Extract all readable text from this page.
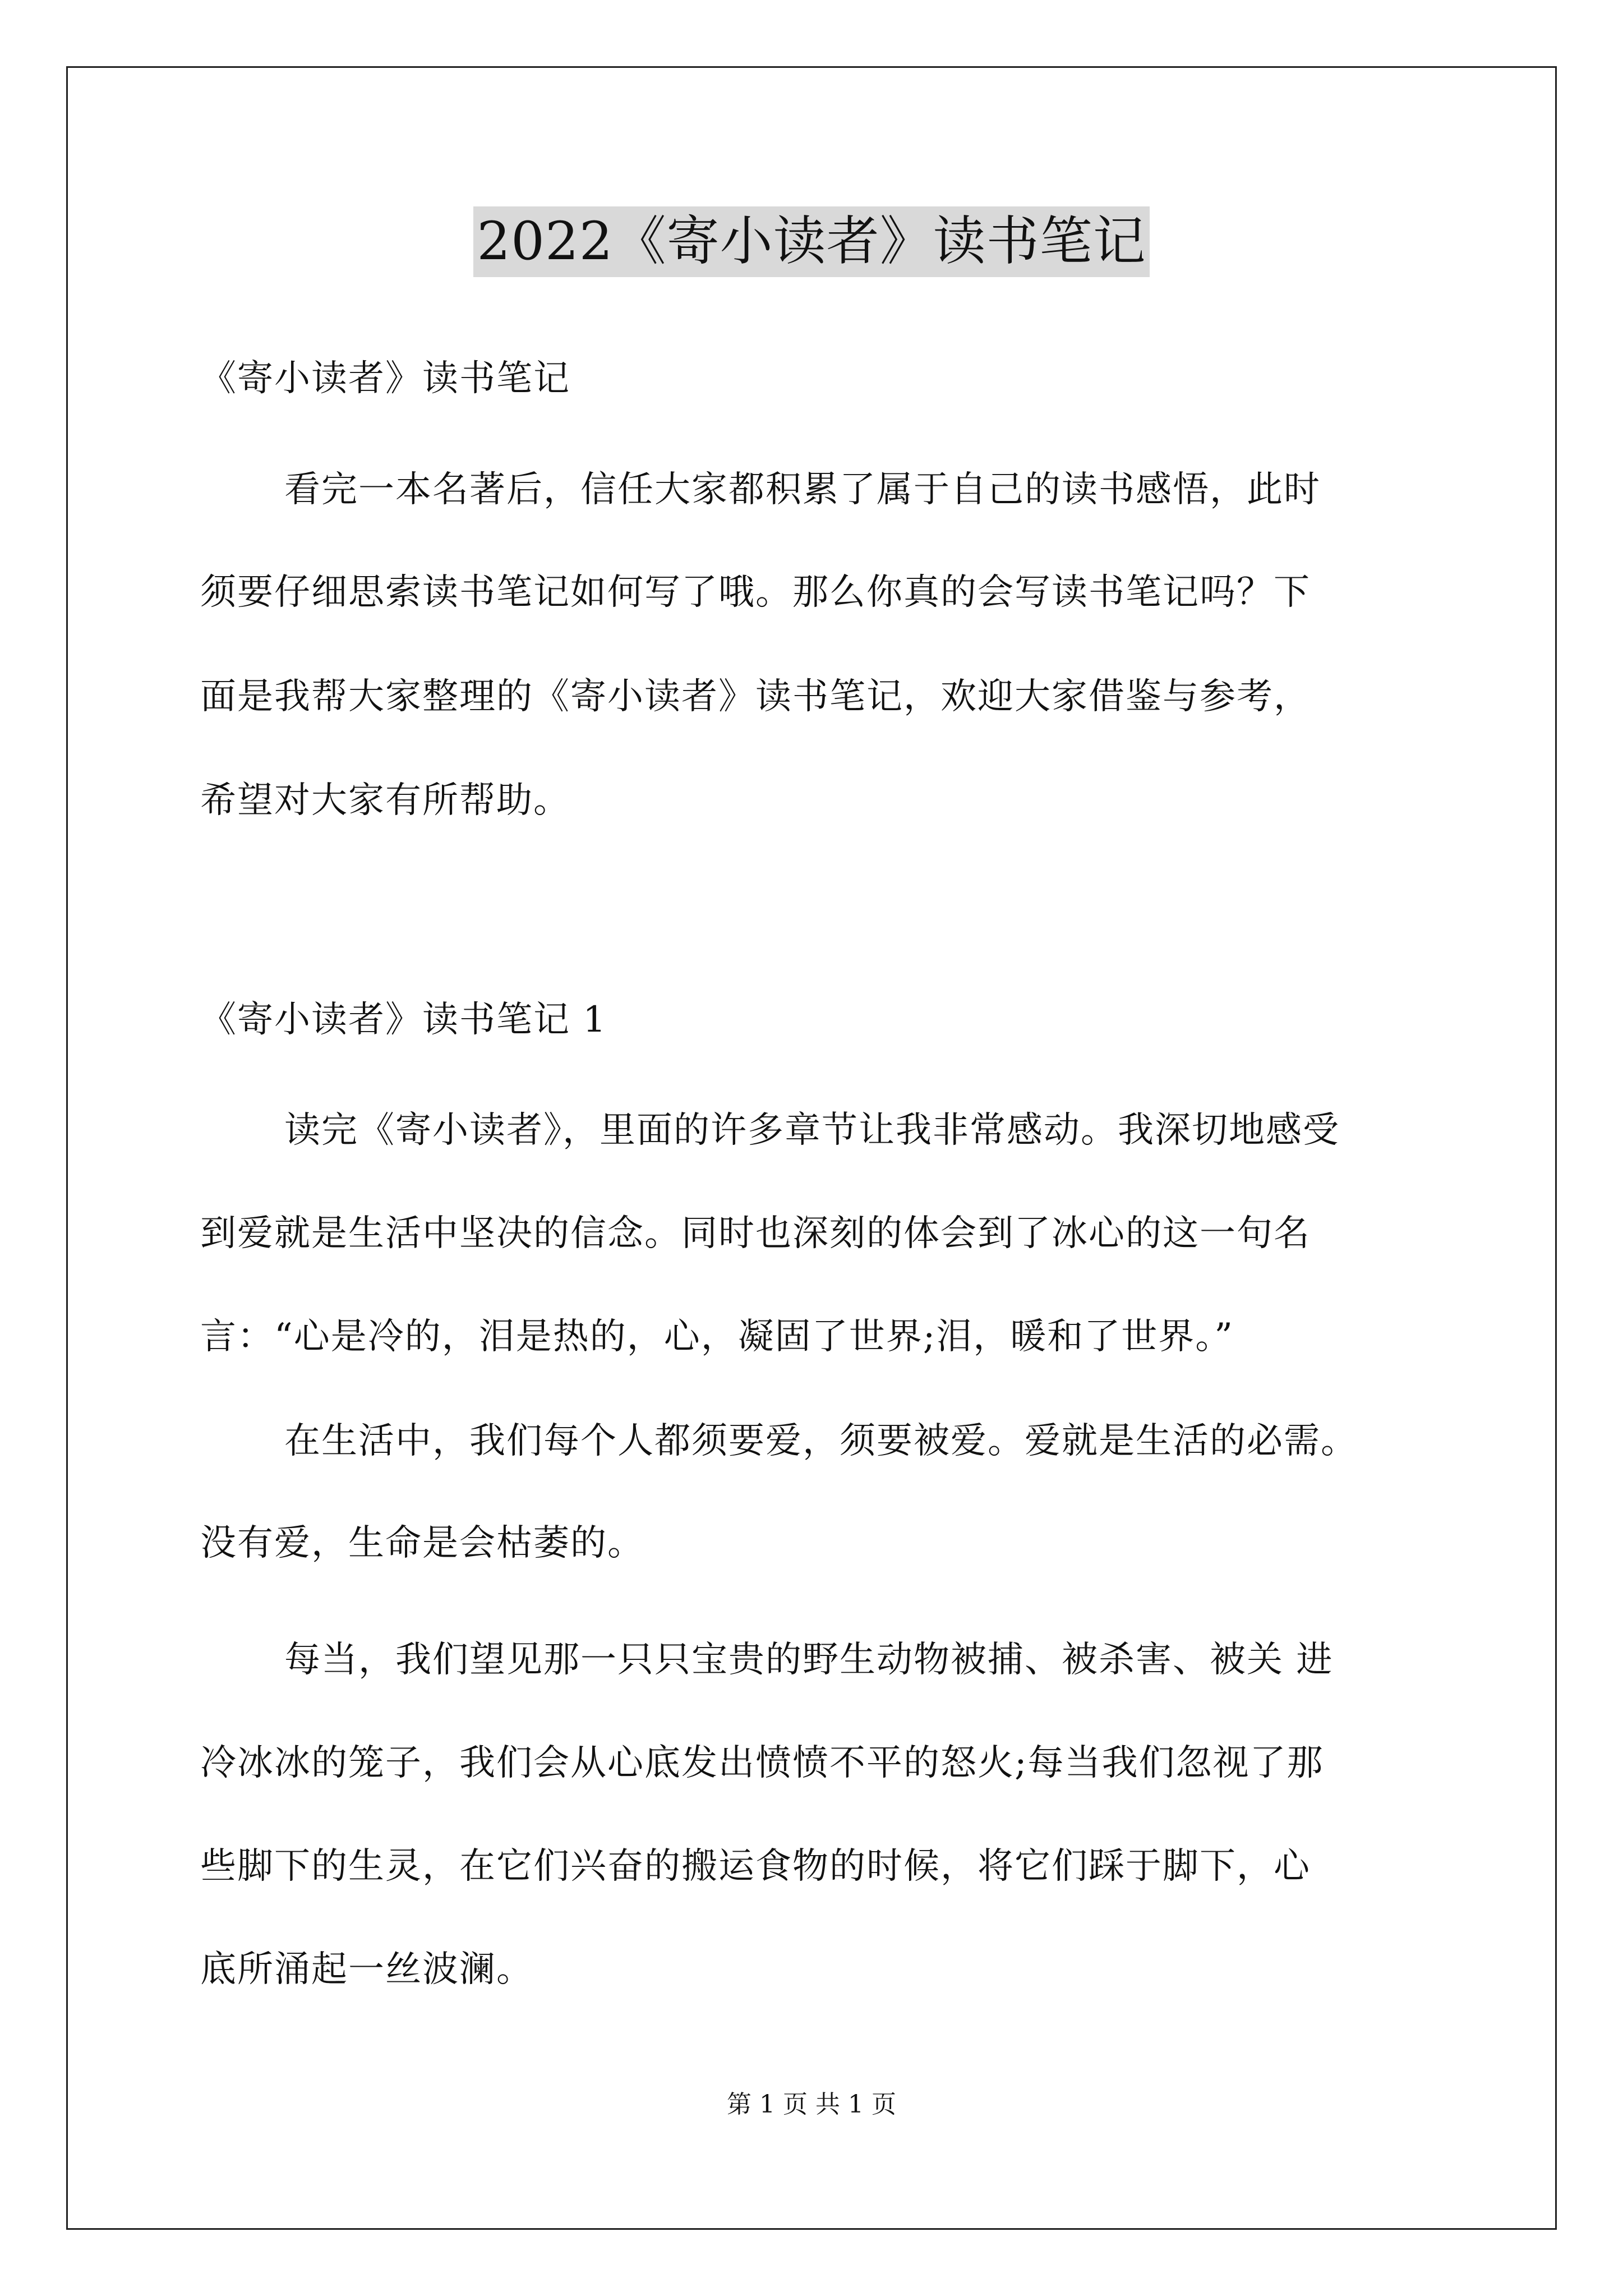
2022《寄小读者》读书笔记
《寄小读者》读书笔记
看完一本名著后，信任大家都积累了属于自己的读书感悟，此时
须要仔细思索读书笔记如何写了哦。那么你真的会写读书笔记吗？下
面是我帮大家整理的《寄小读者》读书笔记，欢迎大家借鉴与参考，
希望对大家有所帮助。
《寄小读者》读书笔记 1
读完《寄小读者》，里面的许多章节让我非常感动。我深切地感受
到爱就是生活中坚决的信念。同时也深刻的体会到了冰心的这一句名
言：“心是冷的，泪是热的，心，凝固了世界;泪，暖和了世界。”
在生活中，我们每个人都须要爱，须要被爱。爱就是生活的必需。
没有爱，生命是会枯萎的。
每当，我们望见那一只只宝贵的野生动物被捕、被杀害、被关 进
冷冰冰的笼子，我们会从心底发出愤愤不平的怒火;每当我们忽视了那
些脚下的生灵，在它们兴奋的搬运食物的时候，将它们踩于脚下，心
底所涌起一丝波澜。
第 1 页 共 1 页
